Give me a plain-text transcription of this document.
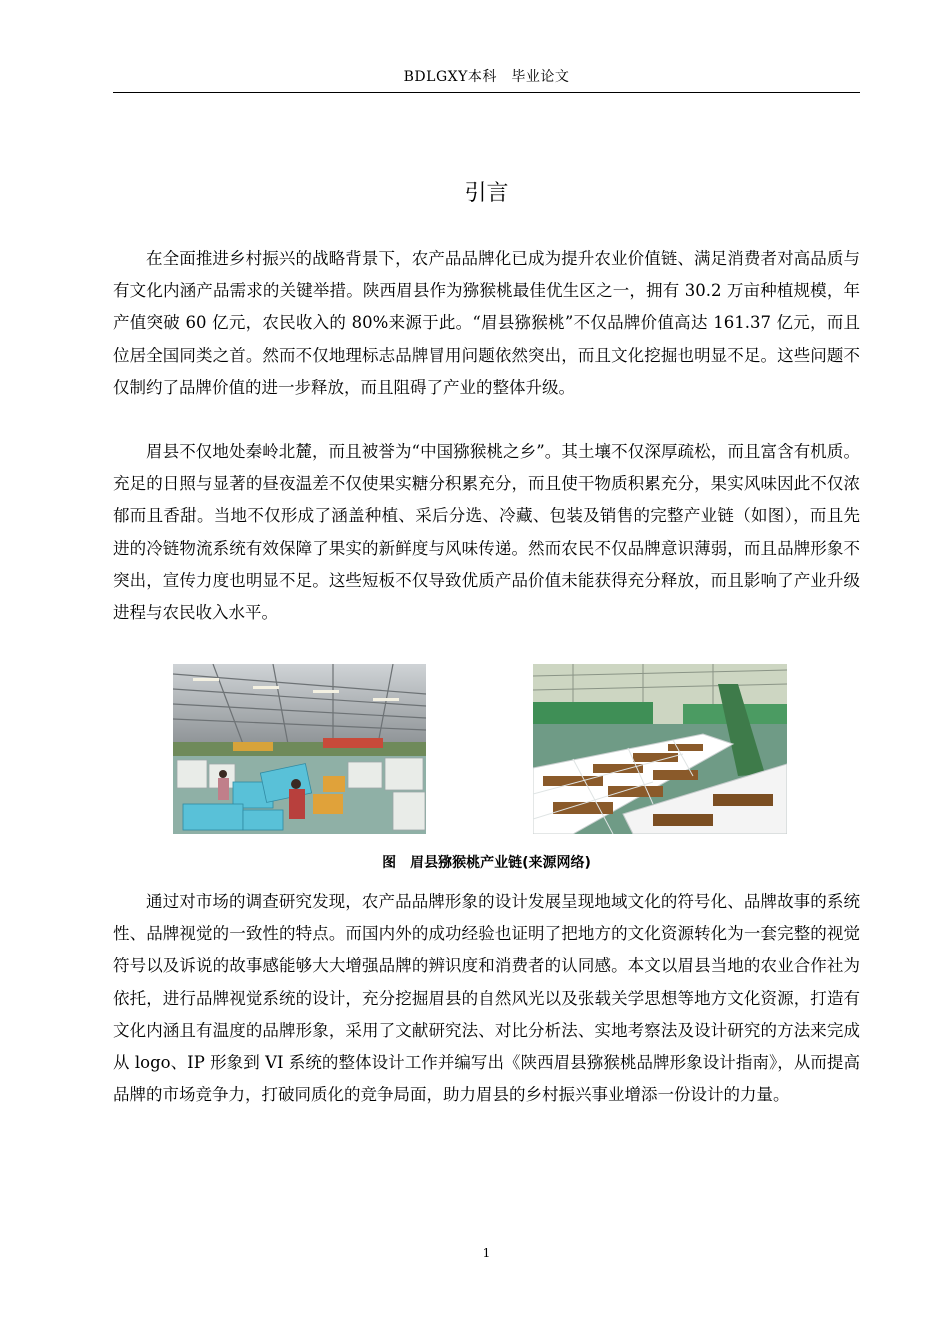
BDLGXY本科　毕业论文
引言

在全面推进乡村振兴的战略背景下，农产品品牌化已成为提升农业价值链、满足消费者对高品质与有文化内涵产品需求的关键举措。陕西眉县作为猕猴桃最佳优生区之一，拥有 30.2 万亩种植规模，年产值突破 60 亿元，农民收入的 80%来源于此。“眉县猕猴桃”不仅品牌价值高达 161.37 亿元，而且位居全国同类之首。然而不仅地理标志品牌冒用问题依然突出，而且文化挖掘也明显不足。这些问题不仅制约了品牌价值的进一步释放，而且阻碍了产业的整体升级。

眉县不仅地处秦岭北麓，而且被誉为“中国猕猴桃之乡”。其土壤不仅深厚疏松，而且富含有机质。充足的日照与显著的昼夜温差不仅使果实糖分积累充分，而且使干物质积累充分，果实风味因此不仅浓郁而且香甜。当地不仅形成了涵盖种植、采后分选、冷藏、包装及销售的完整产业链（如图），而且先进的冷链物流系统有效保障了果实的新鲜度与风味传递。然而农民不仅品牌意识薄弱，而且品牌形象不突出，宣传力度也明显不足。这些短板不仅导致优质产品价值未能获得充分释放，而且影响了产业升级进程与农民收入水平。

图　眉县猕猴桃产业链(来源网络)

通过对市场的调查研究发现，农产品品牌形象的设计发展呈现地域文化的符号化、品牌故事的系统性、品牌视觉的一致性的特点。而国内外的成功经验也证明了把地方的文化资源转化为一套完整的视觉符号以及诉说的故事感能够大大增强品牌的辨识度和消费者的认同感。本文以眉县当地的农业合作社为依托，进行品牌视觉系统的设计，充分挖掘眉县的自然风光以及张载关学思想等地方文化资源，打造有文化内涵且有温度的品牌形象，采用了文献研究法、对比分析法、实地考察法及设计研究的方法来完成从 logo、IP 形象到 VI 系统的整体设计工作并编写出《陕西眉县猕猴桃品牌形象设计指南》，从而提高品牌的市场竞争力，打破同质化的竞争局面，助力眉县的乡村振兴事业增添一份设计的力量。

1
